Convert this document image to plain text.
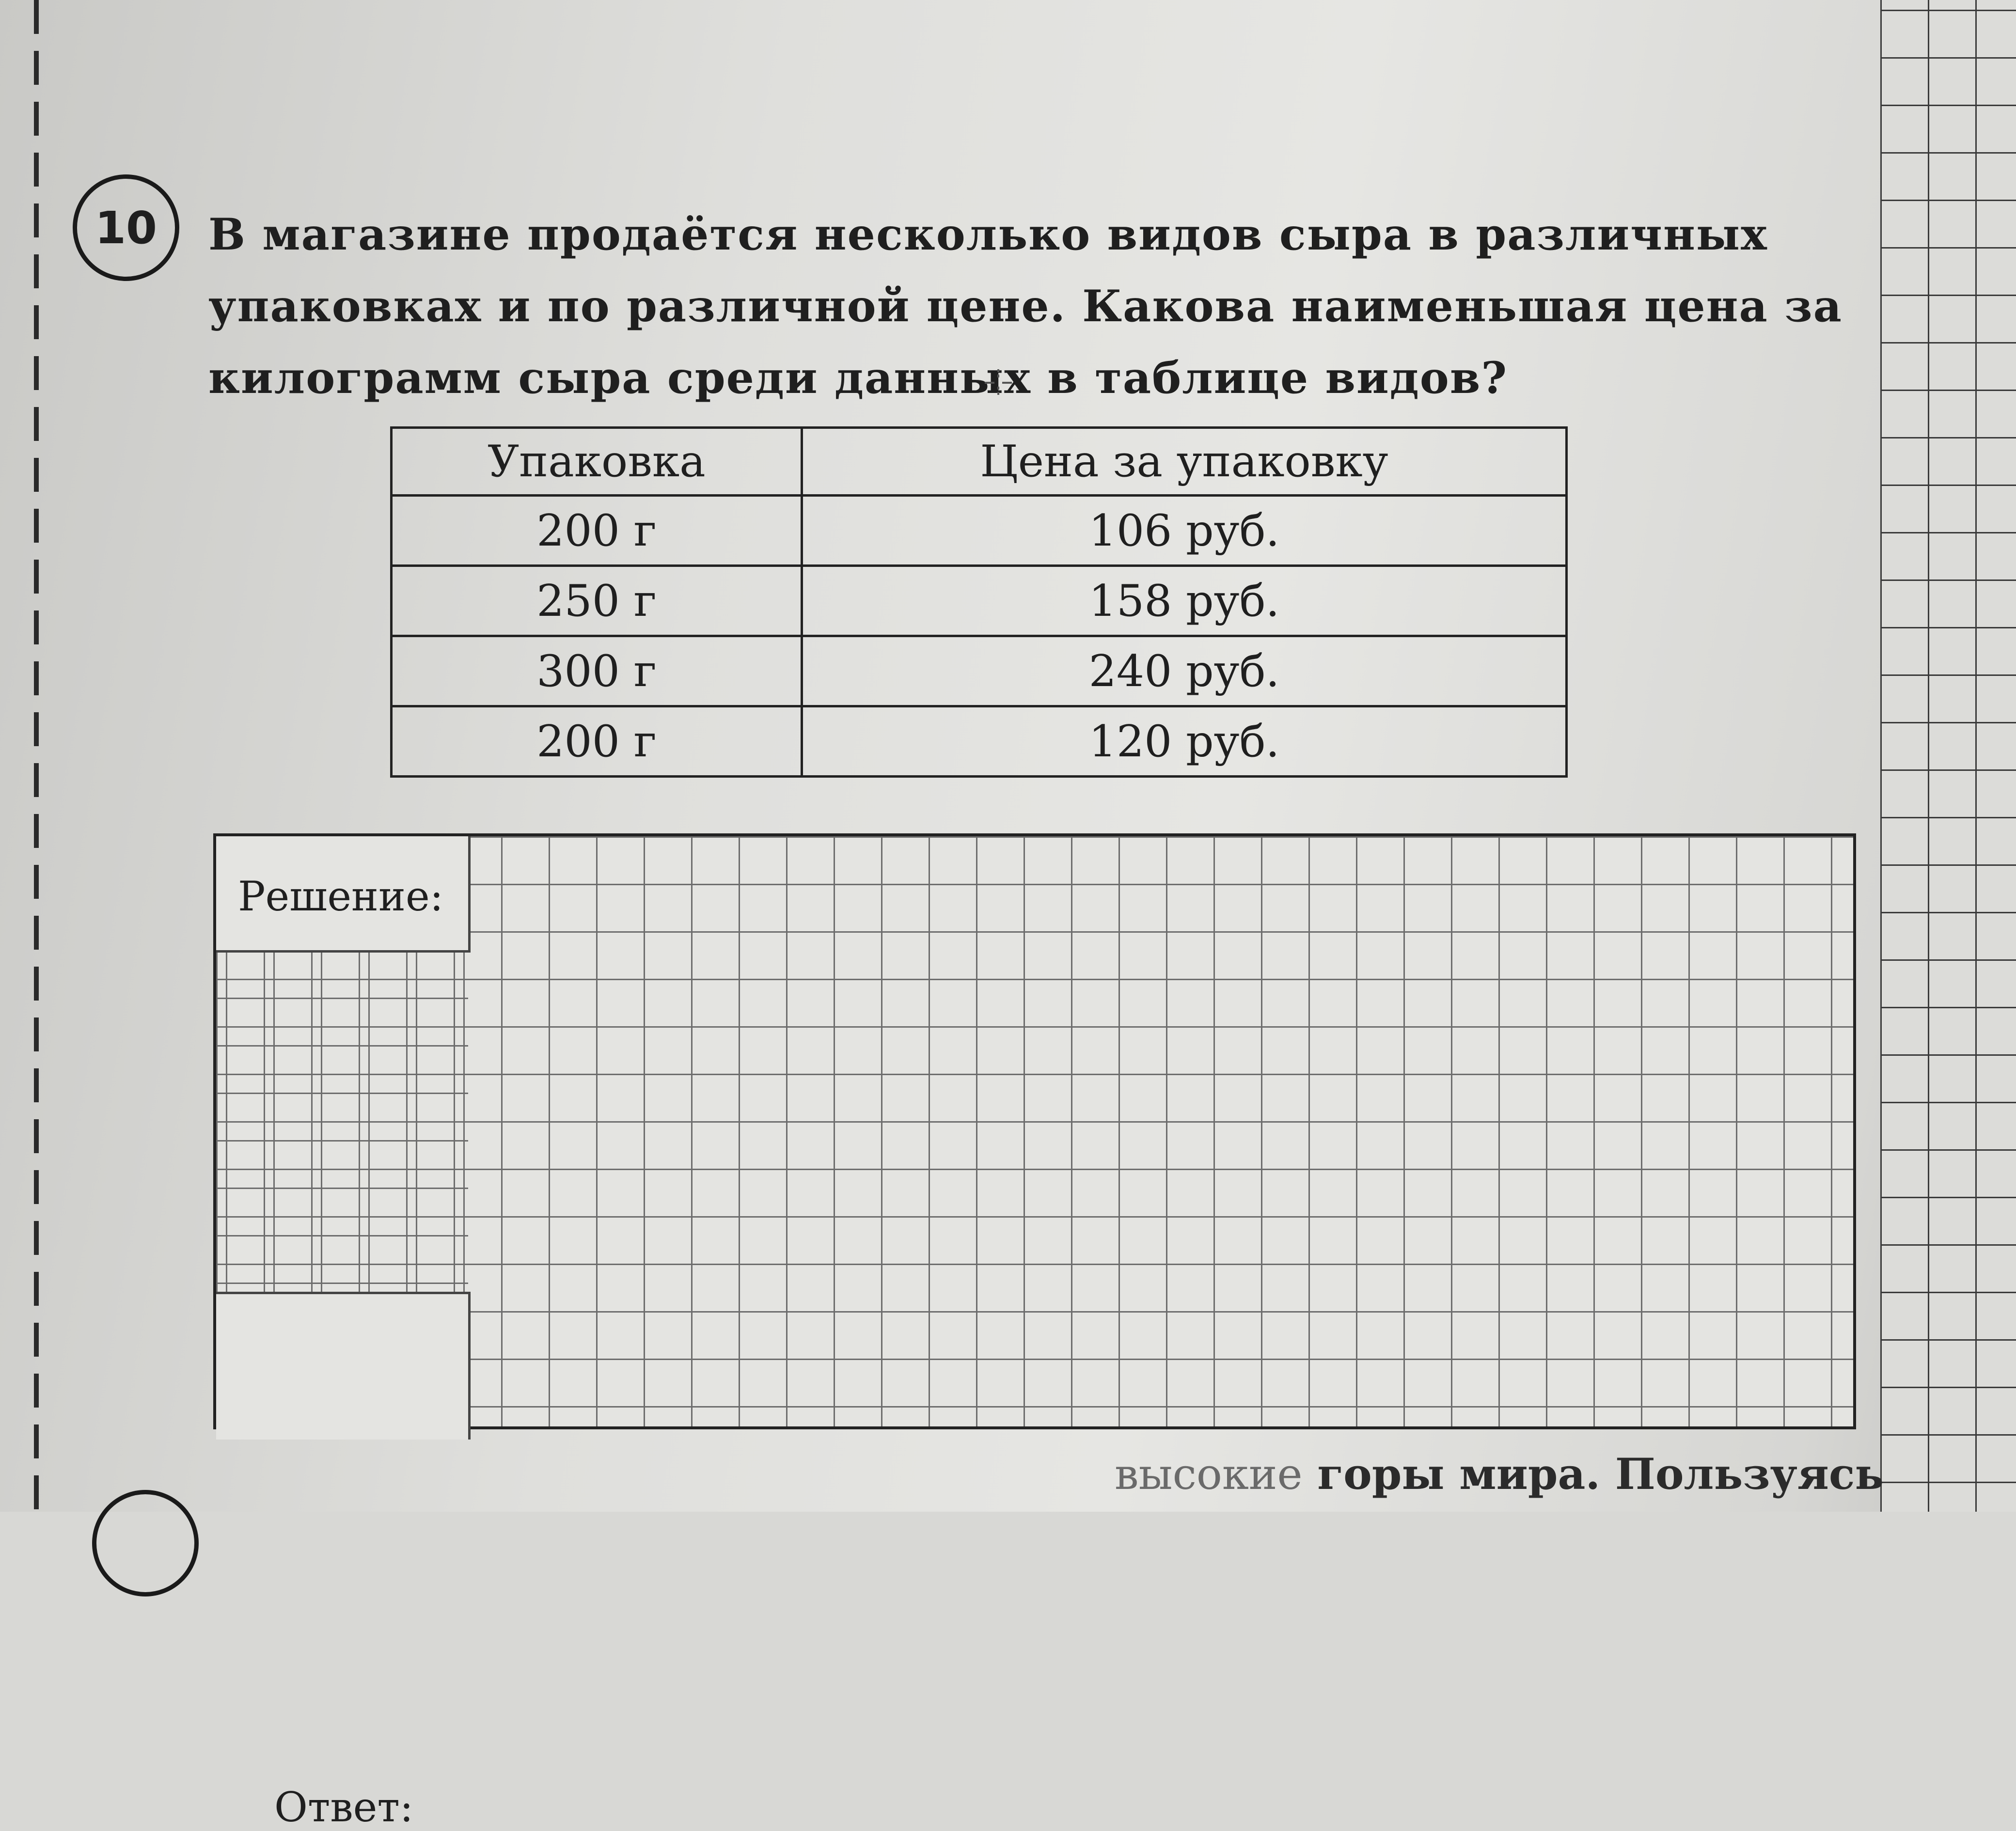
10 В магазине продаётся несколько видов сыра в различных упаковках и по различной цене. Какова наименьшая цена за килограмм сыра среди данных в таблице видов?
Упаковка	Цена за упаковку
200 г	106 руб.
250 г	158 руб.
300 г	240 руб.
200 г	120 руб.
Решение:
Ответ:
высокие горы мира. Пользуясь
